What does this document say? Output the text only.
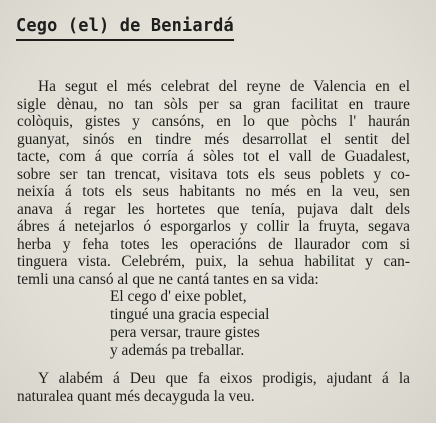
Cego (el) de Beniardá
Ha segut el més celebrat del reyne de Valencia en el
sigle dènau, no tan sòls per sa gran facilitat en traure
colòquis, gistes y cansóns, en lo que pòchs l' haurán
guanyat, sinós en tindre més desarrollat el sentit del
tacte, com á que corría á sòles tot el vall de Guadalest,
sobre ser tan trencat, visitava tots els seus poblets y co-
neixía á tots els seus habitants no més en la veu, sen
anava á regar les hortetes que tenía, pujava dalt dels
ábres á netejarlos ó esporgarlos y collir la fruyta, segava
herba y feha totes les operacións de llaurador com si
tinguera vista. Celebrém, puix, la sehua habilitat y can-
temli una cansó al que ne cantá tantes en sa vida:
El cego d' eixe poblet,
tingué una gracia especial
pera versar, traure gistes
y además pa treballar.
Y alabém á Deu que fa eixos prodigis, ajudant á la
naturalea quant més decayguda la veu.
